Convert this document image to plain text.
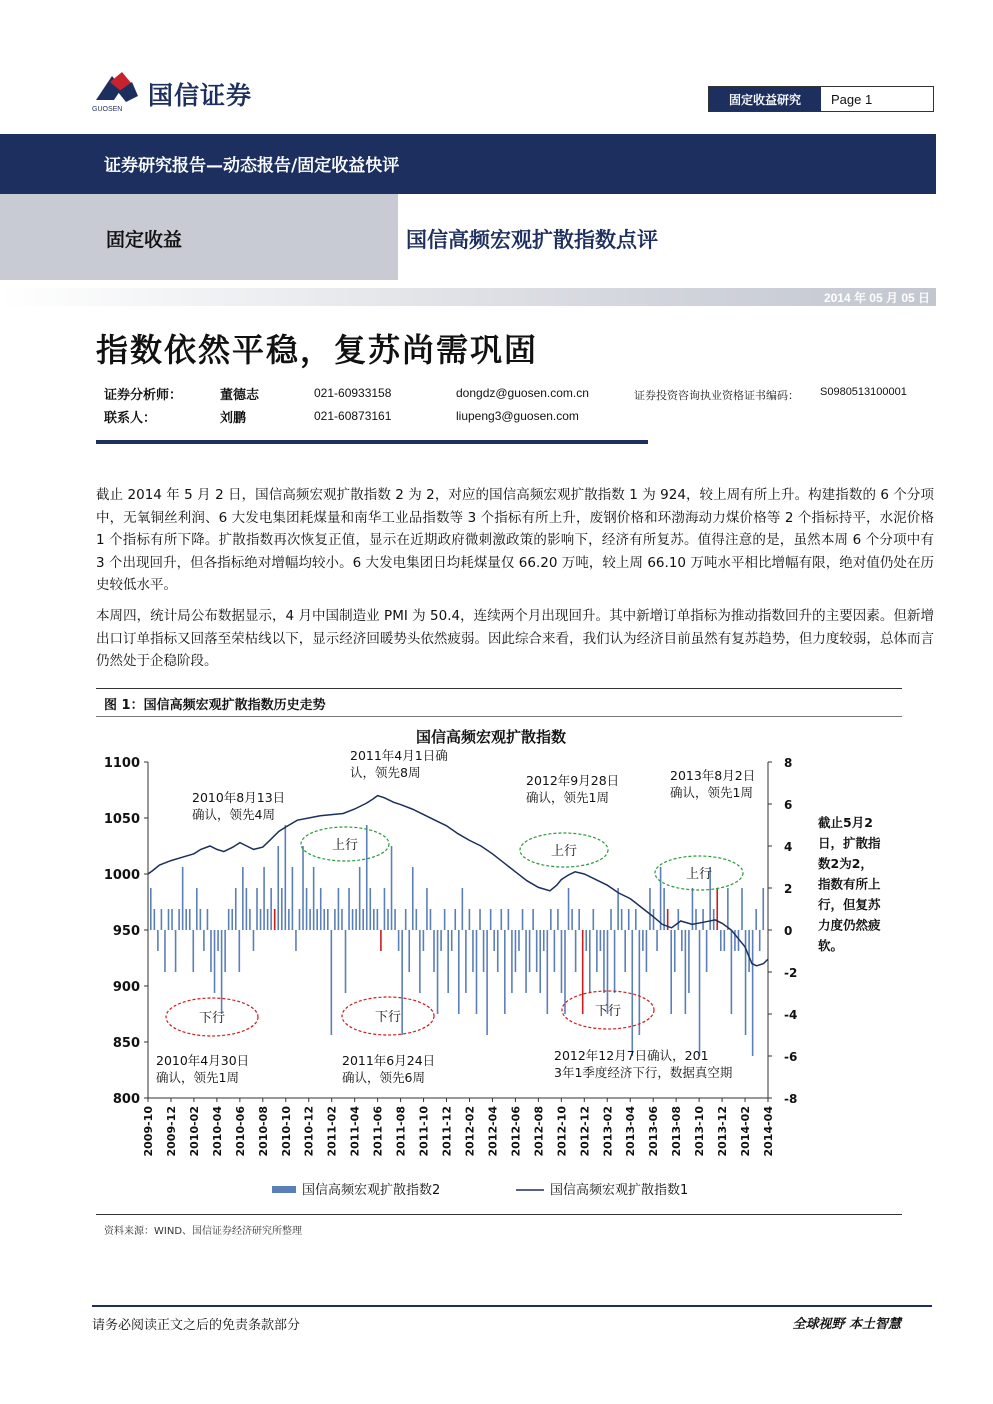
国信证券
GUOSEN
固定收益研究	Page 1
证券研究报告—动态报告/固定收益快评
固定收益	国信高频宏观扩散指数点评
2014 年 05 月 05 日
指数依然平稳，复苏尚需巩固
证券分析师：	董德志	021-60933158	dongdz@guosen.com.cn	证券投资咨询执业资格证书编码： S0980513100001
联系人：	刘鹏	021-60873161	liupeng3@guosen.com
截止 2014 年 5 月 2 日，国信高频宏观扩散指数 2 为 2，对应的国信高频宏观扩散指数 1 为 924，较上周有所上升。构建指数的 6 个分项中，无氧铜丝利润、6 大发电集团耗煤量和南华工业品指数等 3 个指标有所上升，废钢价格和环渤海动力煤价格等 2 个指标持平，水泥价格 1 个指标有所下降。扩散指数再次恢复正值，显示在近期政府微刺激政策的影响下，经济有所复苏。值得注意的是，虽然本周 6 个分项中有 3 个出现回升，但各指标绝对增幅均较小。6 大发电集团日均耗煤量仅 66.20 万吨，较上周 66.10 万吨水平相比增幅有限，绝对值仍处在历史较低水平。
本周四，统计局公布数据显示，4 月中国制造业 PMI 为 50.4，连续两个月出现回升。其中新增订单指标为推动指数回升的主要因素。但新增出口订单指标又回落至荣枯线以下，显示经济回暖势头依然疲弱。因此综合来看，我们认为经济目前虽然有复苏趋势，但力度较弱，总体而言仍然处于企稳阶段。
图 1：国信高频宏观扩散指数历史走势
国信高频宏观扩散指数
800
850
900
950
1000
1050
1100
-8
-6
-4
-2
0
2
4
6
8
2009-10 2009-12 2010-02 2010-04 2010-06 2010-08 2010-10 2010-12 2011-02 2011-04 2011-06 2011-08 2011-10 2011-12 2012-02 2012-04 2012-06 2012-08 2012-10 2012-12 2013-02 2013-04 2013-06 2013-08 2013-10 2013-12 2014-02 2014-04
2010年8月13日
确认，领先4周
2011年4月1日确
认，领先8周
2012年9月28日
确认，领先1周
2013年8月2日
确认，领先1周
2010年4月30日
确认，领先1周
2011年6月24日
确认，领先6周
2012年12月7日确认，201
3年1季度经济下行，数据真空期
上行	上行
上行
下行	下行	下行
截止5月2
日，扩散指
数2为2，
指数有所上
行，但复苏
力度仍然疲
软。
国信高频宏观扩散指数2	国信高频宏观扩散指数1
资料来源：WIND、国信证券经济研究所整理
请务必阅读正文之后的免责条款部分	全球视野 本土智慧
